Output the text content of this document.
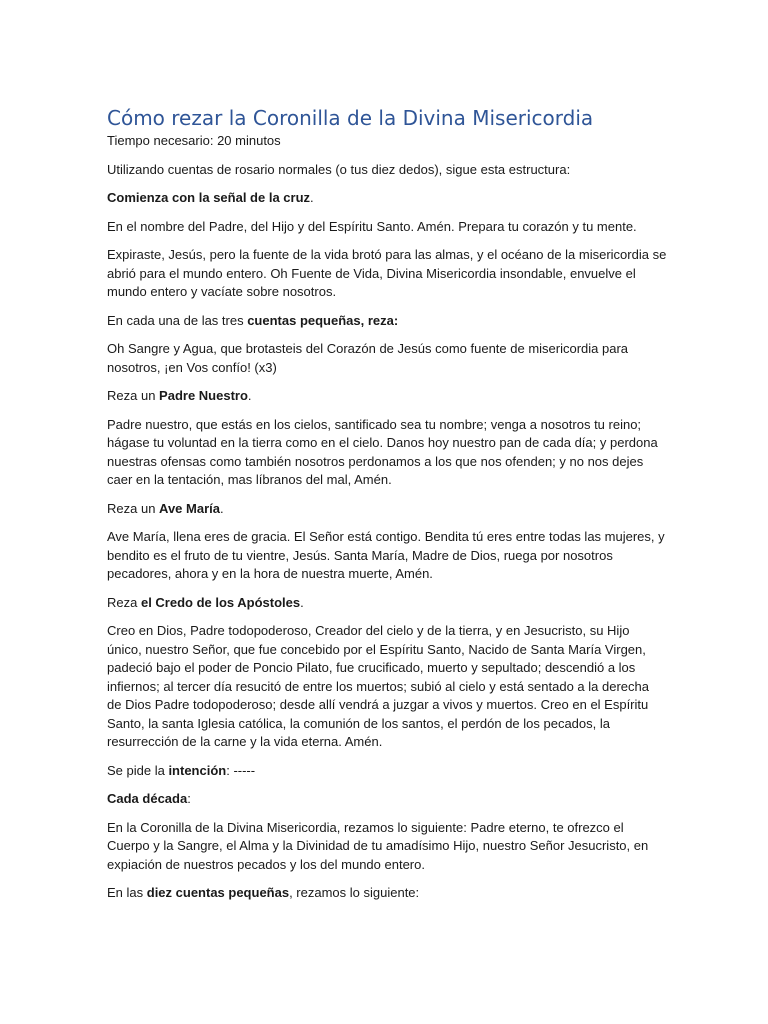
Cómo rezar la Coronilla de la Divina Misericordia

Tiempo necesario: 20 minutos

Utilizando cuentas de rosario normales (o tus diez dedos), sigue esta estructura:

Comienza con la señal de la cruz.

En el nombre del Padre, del Hijo y del Espíritu Santo. Amén. Prepara tu corazón y tu mente.

Expiraste, Jesús, pero la fuente de la vida brotó para las almas, y el océano de la misericordia se abrió para el mundo entero. Oh Fuente de Vida, Divina Misericordia insondable, envuelve el mundo entero y vacíate sobre nosotros.

En cada una de las tres cuentas pequeñas, reza:

Oh Sangre y Agua, que brotasteis del Corazón de Jesús como fuente de misericordia para nosotros, ¡en Vos confío! (x3)

Reza un Padre Nuestro.

Padre nuestro, que estás en los cielos, santificado sea tu nombre; venga a nosotros tu reino; hágase tu voluntad en la tierra como en el cielo. Danos hoy nuestro pan de cada día; y perdona nuestras ofensas como también nosotros perdonamos a los que nos ofenden; y no nos dejes caer en la tentación, mas líbranos del mal, Amén.

Reza un Ave María.

Ave María, llena eres de gracia. El Señor está contigo. Bendita tú eres entre todas las mujeres, y bendito es el fruto de tu vientre, Jesús. Santa María, Madre de Dios, ruega por nosotros pecadores, ahora y en la hora de nuestra muerte, Amén.

Reza el Credo de los Apóstoles.

Creo en Dios, Padre todopoderoso, Creador del cielo y de la tierra, y en Jesucristo, su Hijo único, nuestro Señor, que fue concebido por el Espíritu Santo, Nacido de Santa María Virgen, padeció bajo el poder de Poncio Pilato, fue crucificado, muerto y sepultado; descendió a los infiernos; al tercer día resucitó de entre los muertos; subió al cielo y está sentado a la derecha de Dios Padre todopoderoso; desde allí vendrá a juzgar a vivos y muertos. Creo en el Espíritu Santo, la santa Iglesia católica, la comunión de los santos, el perdón de los pecados, la resurrección de la carne y la vida eterna. Amén.

Se pide la intención: -----

Cada década:

En la Coronilla de la Divina Misericordia, rezamos lo siguiente: Padre eterno, te ofrezco el Cuerpo y la Sangre, el Alma y la Divinidad de tu amadísimo Hijo, nuestro Señor Jesucristo, en expiación de nuestros pecados y los del mundo entero.

En las diez cuentas pequeñas, rezamos lo siguiente:
